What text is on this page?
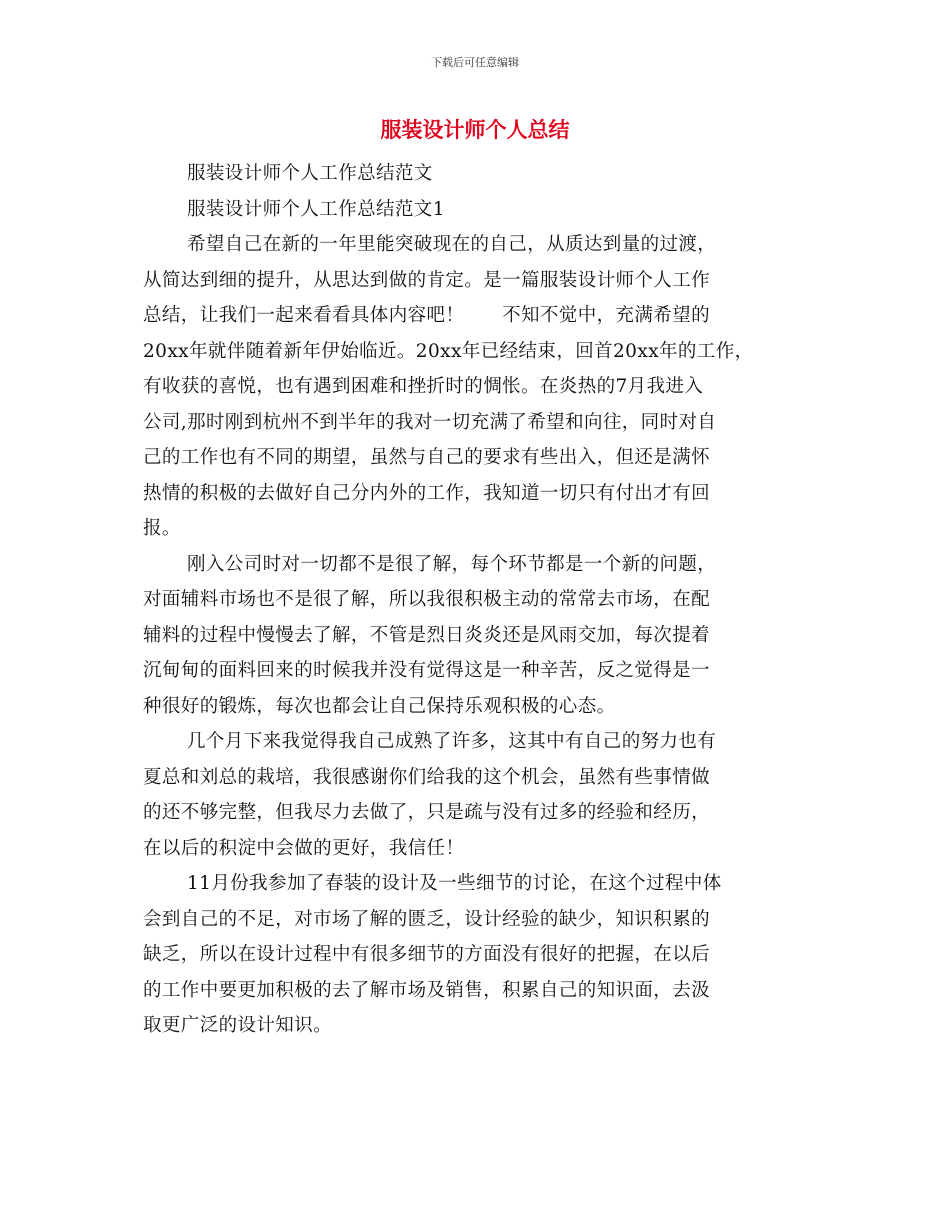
下载后可任意编辑
服装设计师个人总结
服装设计师个人工作总结范文
服装设计师个人工作总结范文1
希望自己在新的一年里能突破现在的自己，从质达到量的过渡，
从简达到细的提升，从思达到做的肯定。是一篇服装设计师个人工作
总结，让我们一起来看看具体内容吧！　　不知不觉中，充满希望的
20xx年就伴随着新年伊始临近。20xx年已经结束，回首20xx年的工作，
有收获的喜悦，也有遇到困难和挫折时的惆怅。在炎热的7月我进入
公司,那时刚到杭州不到半年的我对一切充满了希望和向往，同时对自
己的工作也有不同的期望，虽然与自己的要求有些出入，但还是满怀
热情的积极的去做好自己分内外的工作，我知道一切只有付出才有回
报。
刚入公司时对一切都不是很了解，每个环节都是一个新的问题，
对面辅料市场也不是很了解，所以我很积极主动的常常去市场，在配
辅料的过程中慢慢去了解，不管是烈日炎炎还是风雨交加，每次提着
沉甸甸的面料回来的时候我并没有觉得这是一种辛苦，反之觉得是一
种很好的锻炼，每次也都会让自己保持乐观积极的心态。
几个月下来我觉得我自己成熟了许多，这其中有自己的努力也有
夏总和刘总的栽培，我很感谢你们给我的这个机会，虽然有些事情做
的还不够完整，但我尽力去做了，只是疏与没有过多的经验和经历，
在以后的积淀中会做的更好，我信任！
11月份我参加了春装的设计及一些细节的讨论，在这个过程中体
会到自己的不足，对市场了解的匮乏，设计经验的缺少，知识积累的
缺乏，所以在设计过程中有很多细节的方面没有很好的把握，在以后
的工作中要更加积极的去了解市场及销售，积累自己的知识面，去汲
取更广泛的设计知识。
